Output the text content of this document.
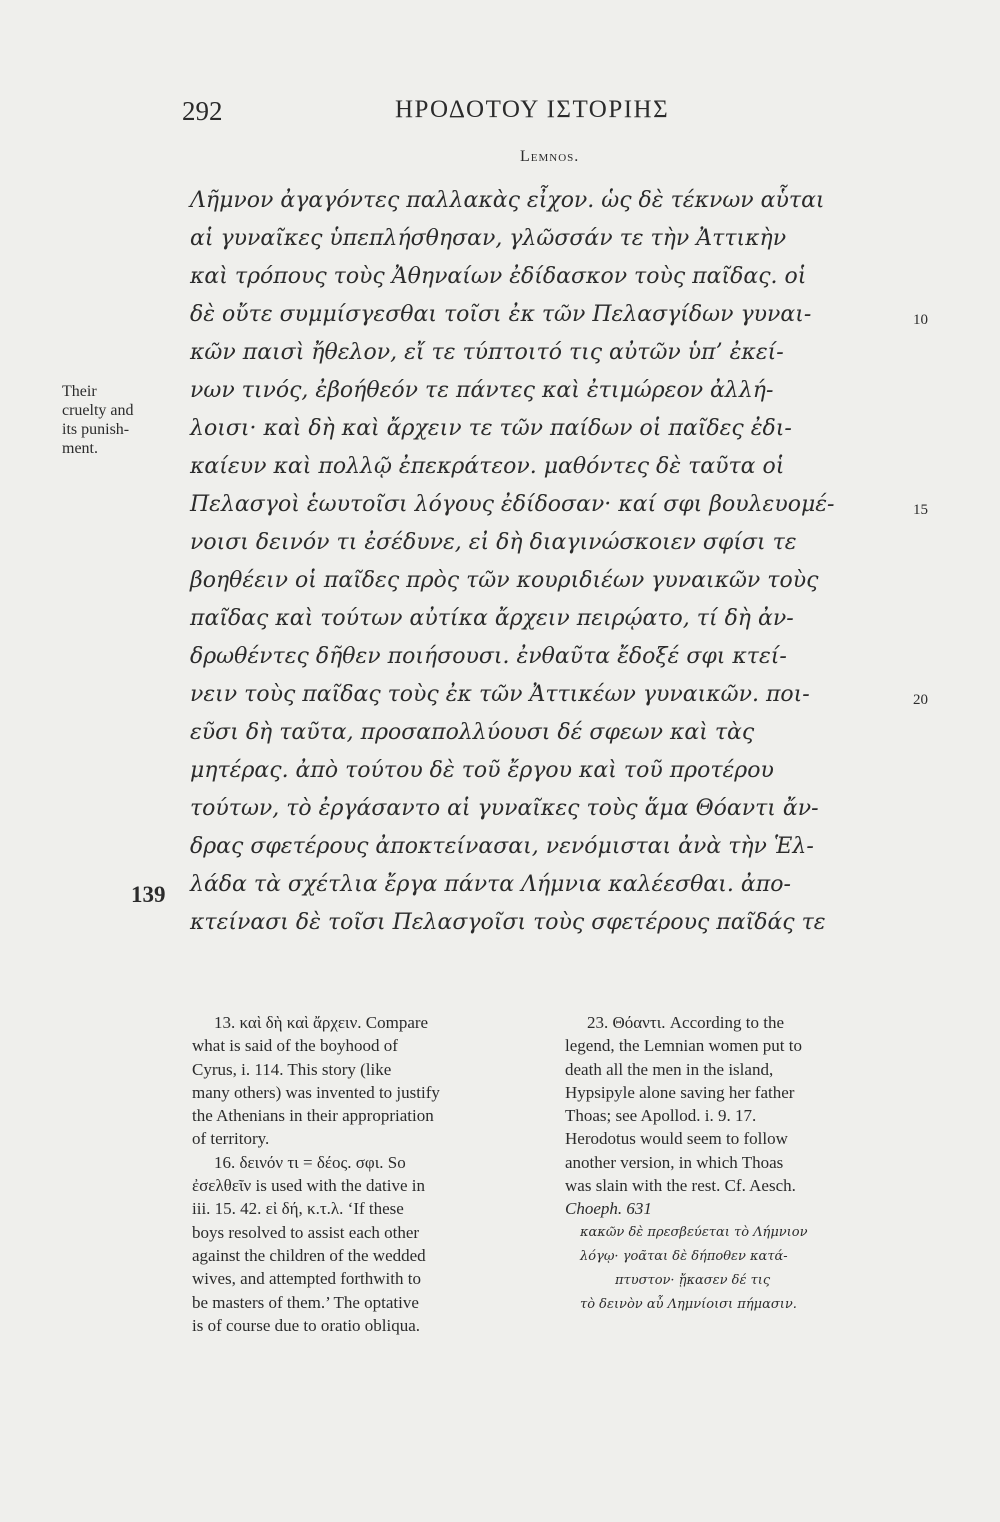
292	ΗΡΟΔΟΤΟΥ ΙΣΤΟΡΙΗΣ
Lemnos.
Λῆμνον ἀγαγόντες παλλακὰς εἶχον. ὡς δὲ τέκνων αὗται
αἱ γυναῖκες ὑπεπλήσθησαν, γλῶσσάν τε τὴν Ἀττικὴν
καὶ τρόπους τοὺς Ἀθηναίων ἐδίδασκον τοὺς παῖδας. οἱ
δὲ οὔτε συμμίσγεσθαι τοῖσι ἐκ τῶν Πελασγίδων γυναι-
κῶν παισὶ ἤθελον, εἴ τε τύπτοιτό τις αὐτῶν ὑπ’ ἐκεί-
νων τινός, ἐβοήθεόν τε πάντες καὶ ἐτιμώρεον ἀλλή-
λοισι· καὶ δὴ καὶ ἄρχειν τε τῶν παίδων οἱ παῖδες ἐδι-
καίευν καὶ πολλῷ ἐπεκράτεον. μαθόντες δὲ ταῦτα οἱ
Πελασγοὶ ἑωυτοῖσι λόγους ἐδίδοσαν· καί σφι βουλευομέ-
νοισι δεινόν τι ἐσέδυνε, εἰ δὴ διαγινώσκοιεν σφίσι τε
βοηθέειν οἱ παῖδες πρὸς τῶν κουριδιέων γυναικῶν τοὺς
παῖδας καὶ τούτων αὐτίκα ἄρχειν πειρῴατο, τί δὴ ἀν-
δρωθέντες δῆθεν ποιήσουσι. ἐνθαῦτα ἔδοξέ σφι κτεί-
νειν τοὺς παῖδας τοὺς ἐκ τῶν Ἀττικέων γυναικῶν. ποι-
εῦσι δὴ ταῦτα, προσαπολλύουσι δέ σφεων καὶ τὰς
μητέρας. ἀπὸ τούτου δὲ τοῦ ἔργου καὶ τοῦ προτέρου
τούτων, τὸ ἐργάσαντο αἱ γυναῖκες τοὺς ἅμα Θόαντι ἄν-
δρας σφετέρους ἀποκτείνασαι, νενόμισται ἀνὰ τὴν Ἑλ-
λάδα τὰ σχέτλια ἔργα πάντα Λήμνια καλέεσθαι. ἀπο-
κτείνασι δὲ τοῖσι Πελασγοῖσι τοὺς σφετέρους παῖδάς τε
10
15
20
Their
cruelty and
its punish-
ment.
139
13. καὶ δὴ καὶ ἄρχειν. Compare
what is said of the boyhood of
Cyrus, i. 114. This story (like
many others) was invented to justify
the Athenians in their appropriation
of territory.
16. δεινόν τι = δέος. σφι. So
ἐσελθεῖν is used with the dative in
iii. 15. 42. εἰ δή, κ.τ.λ. ‘If these
boys resolved to assist each other
against the children of the wedded
wives, and attempted forthwith to
be masters of them.’ The optative
is of course due to oratio obliqua.
23. Θόαντι. According to the
legend, the Lemnian women put to
death all the men in the island,
Hypsipyle alone saving her father
Thoas; see Apollod. i. 9. 17.
Herodotus would seem to follow
another version, in which Thoas
was slain with the rest. Cf. Aesch.
Choeph. 631
κακῶν δὲ πρεσβεύεται τὸ Λήμνιον
λόγῳ· γοᾶται δὲ δήποθεν κατά-
πτυστον· ᾔκασεν δέ τις
τὸ δεινὸν αὖ Λημνίοισι πήμασιν.
